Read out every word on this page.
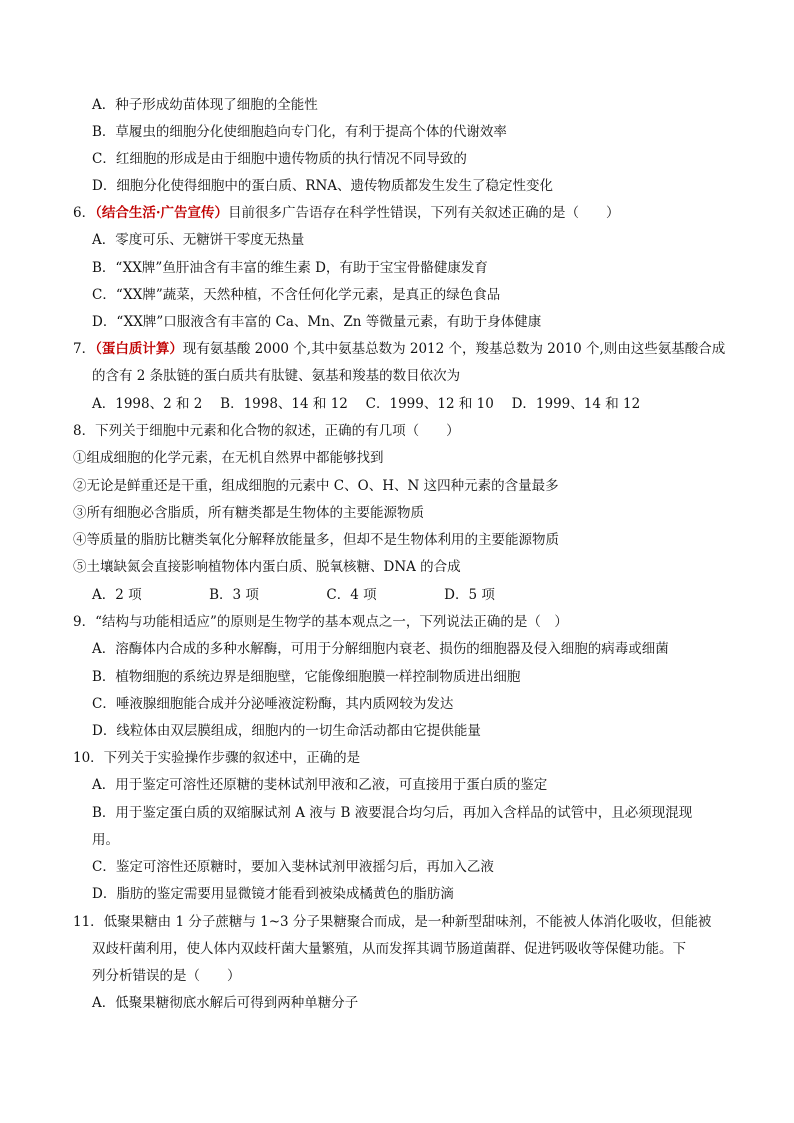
A．种子形成幼苗体现了细胞的全能性
B．草履虫的细胞分化使细胞趋向专门化，有利于提高个体的代谢效率
C．红细胞的形成是由于细胞中遗传物质的执行情况不同导致的
D．细胞分化使得细胞中的蛋白质、RNA、遗传物质都发生发生了稳定性变化
6．（结合生活·广告宣传）目前很多广告语存在科学性错误，下列有关叙述正确的是（　　）
A．零度可乐、无糖饼干零度无热量
B．“XX牌”鱼肝油含有丰富的维生素 D，有助于宝宝骨骼健康发育
C．“XX牌”蔬菜，天然种植，不含任何化学元素，是真正的绿色食品
D．“XX牌”口服液含有丰富的 Ca、Mn、Zn 等微量元素，有助于身体健康
7．（蛋白质计算）现有氨基酸 2000 个,其中氨基总数为 2012 个，羧基总数为 2010 个,则由这些氨基酸合成
的含有 2 条肽链的蛋白质共有肽键、氨基和羧基的数目依次为
A．1998、2 和 2　 B．1998、14 和 12　 C．1999、12 和 10　 D．1999、14 和 12
8．下列关于细胞中元素和化合物的叙述，正确的有几项（　　）
①组成细胞的化学元素，在无机自然界中都能够找到
②无论是鲜重还是干重，组成细胞的元素中 C、O、H、N 这四种元素的含量最多
③所有细胞必含脂质，所有糖类都是生物体的主要能源物质
④等质量的脂肪比糖类氧化分解释放能量多，但却不是生物体利用的主要能源物质
⑤土壤缺氮会直接影响植物体内蛋白质、脱氧核糖、DNA 的合成
A．2 项　　　　　B．3 项　　　　　C．4 项　　　　　D．5 项
9．“结构与功能相适应”的原则是生物学的基本观点之一，下列说法正确的是（　）
A．溶酶体内合成的多种水解酶，可用于分解细胞内衰老、损伤的细胞器及侵入细胞的病毒或细菌
B．植物细胞的系统边界是细胞壁，它能像细胞膜一样控制物质进出细胞
C．唾液腺细胞能合成并分泌唾液淀粉酶，其内质网较为发达
D．线粒体由双层膜组成，细胞内的一切生命活动都由它提供能量
10．下列关于实验操作步骤的叙述中，正确的是
A．用于鉴定可溶性还原糖的斐林试剂甲液和乙液，可直接用于蛋白质的鉴定
B．用于鉴定蛋白质的双缩脲试剂 A 液与 B 液要混合均匀后，再加入含样品的试管中，且必须现混现
用。
C．鉴定可溶性还原糖时，要加入斐林试剂甲液摇匀后，再加入乙液
D．脂肪的鉴定需要用显微镜才能看到被染成橘黄色的脂肪滴
11．低聚果糖由 1 分子蔗糖与 1~3 分子果糖聚合而成，是一种新型甜味剂，不能被人体消化吸收，但能被
双歧杆菌利用，使人体内双歧杆菌大量繁殖，从而发挥其调节肠道菌群、促进钙吸收等保健功能。下
列分析错误的是（　　）
A．低聚果糖彻底水解后可得到两种单糖分子
